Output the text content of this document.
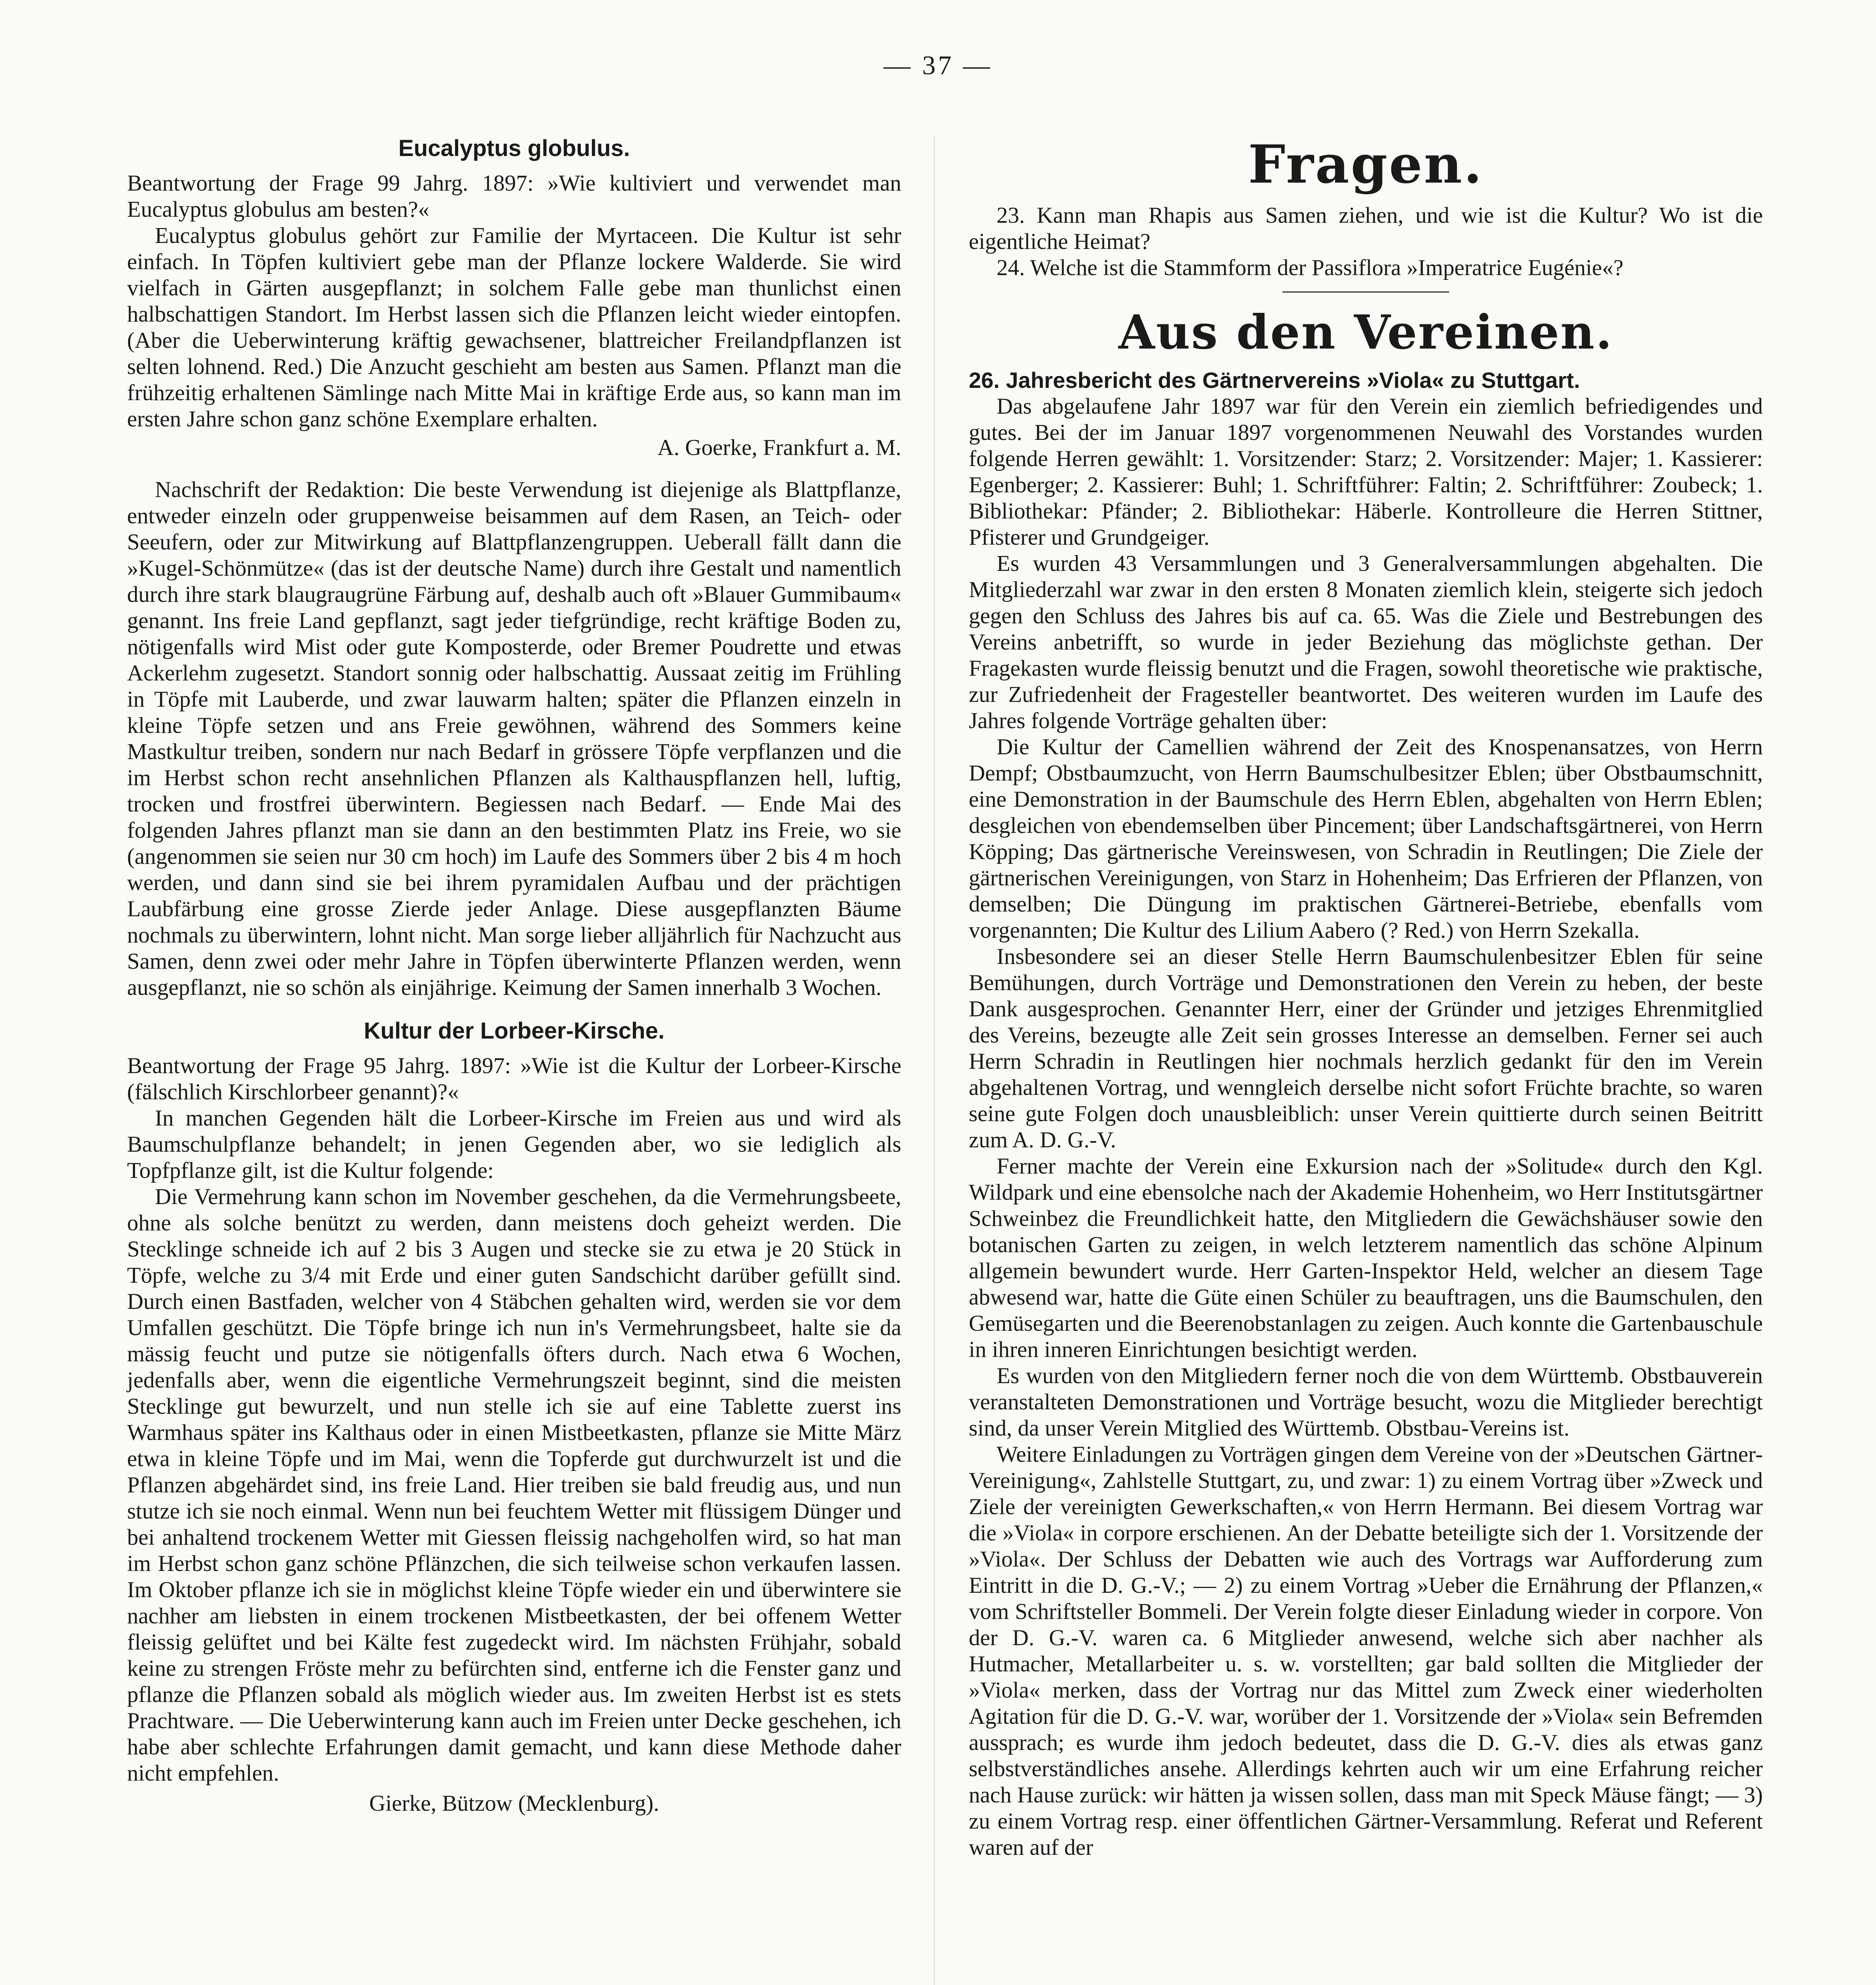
— 37 —
Eucalyptus globulus.

Beantwortung der Frage 99 Jahrg. 1897: »Wie kultiviert und verwendet man Eucalyptus globulus am besten?«

Eucalyptus globulus gehört zur Familie der Myrtaceen. Die Kultur ist sehr einfach. In Töpfen kultiviert gebe man der Pflanze lockere Walderde. Sie wird vielfach in Gärten ausgepflanzt; in solchem Falle gebe man thunlichst einen halbschattigen Standort. Im Herbst lassen sich die Pflanzen leicht wieder eintopfen. (Aber die Ueberwinterung kräftig gewachsener, blattreicher Freilandpflanzen ist selten lohnend. Red.) Die Anzucht geschieht am besten aus Samen. Pflanzt man die frühzeitig erhaltenen Sämlinge nach Mitte Mai in kräftige Erde aus, so kann man im ersten Jahre schon ganz schöne Exemplare erhalten.

A. Goerke, Frankfurt a. M.

Nachschrift der Redaktion: Die beste Verwendung ist diejenige als Blattpflanze, entweder einzeln oder gruppenweise beisammen auf dem Rasen, an Teich- oder Seeufern, oder zur Mitwirkung auf Blattpflanzengruppen. Ueberall fällt dann die »Kugel-Schönmütze« (das ist der deutsche Name) durch ihre Gestalt und namentlich durch ihre stark blaugraugrüne Färbung auf, deshalb auch oft »Blauer Gummibaum« genannt. Ins freie Land gepflanzt, sagt jeder tiefgründige, recht kräftige Boden zu, nötigenfalls wird Mist oder gute Komposterde, oder Bremer Poudrette und etwas Ackerlehm zugesetzt. Standort sonnig oder halbschattig. Aussaat zeitig im Frühling in Töpfe mit Lauberde, und zwar lauwarm halten; später die Pflanzen einzeln in kleine Töpfe setzen und ans Freie gewöhnen, während des Sommers keine Mastkultur treiben, sondern nur nach Bedarf in grössere Töpfe verpflanzen und die im Herbst schon recht ansehnlichen Pflanzen als Kalthauspflanzen hell, luftig, trocken und frostfrei überwintern. Begiessen nach Bedarf. — Ende Mai des folgenden Jahres pflanzt man sie dann an den bestimmten Platz ins Freie, wo sie (angenommen sie seien nur 30 cm hoch) im Laufe des Sommers über 2 bis 4 m hoch werden, und dann sind sie bei ihrem pyramidalen Aufbau und der prächtigen Laubfärbung eine grosse Zierde jeder Anlage. Diese ausgepflanzten Bäume nochmals zu überwintern, lohnt nicht. Man sorge lieber alljährlich für Nachzucht aus Samen, denn zwei oder mehr Jahre in Töpfen überwinterte Pflanzen werden, wenn ausgepflanzt, nie so schön als einjährige. Keimung der Samen innerhalb 3 Wochen.

Kultur der Lorbeer-Kirsche.

Beantwortung der Frage 95 Jahrg. 1897: »Wie ist die Kultur der Lorbeer-Kirsche (fälschlich Kirschlorbeer genannt)?«

In manchen Gegenden hält die Lorbeer-Kirsche im Freien aus und wird als Baumschulpflanze behandelt; in jenen Gegenden aber, wo sie lediglich als Topfpflanze gilt, ist die Kultur folgende:

Die Vermehrung kann schon im November geschehen, da die Vermehrungsbeete, ohne als solche benützt zu werden, dann meistens doch geheizt werden. Die Stecklinge schneide ich auf 2 bis 3 Augen und stecke sie zu etwa je 20 Stück in Töpfe, welche zu 3/4 mit Erde und einer guten Sandschicht darüber gefüllt sind. Durch einen Bastfaden, welcher von 4 Stäbchen gehalten wird, werden sie vor dem Umfallen geschützt. Die Töpfe bringe ich nun in's Vermehrungsbeet, halte sie da mässig feucht und putze sie nötigenfalls öfters durch. Nach etwa 6 Wochen, jedenfalls aber, wenn die eigentliche Vermehrungszeit beginnt, sind die meisten Stecklinge gut bewurzelt, und nun stelle ich sie auf eine Tablette zuerst ins Warmhaus später ins Kalthaus oder in einen Mistbeetkasten, pflanze sie Mitte März etwa in kleine Töpfe und im Mai, wenn die Topferde gut durchwurzelt ist und die Pflanzen abgehärdet sind, ins freie Land. Hier treiben sie bald freudig aus, und nun stutze ich sie noch einmal. Wenn nun bei feuchtem Wetter mit flüssigem Dünger und bei anhaltend trockenem Wetter mit Giessen fleissig nachgeholfen wird, so hat man im Herbst schon ganz schöne Pflänzchen, die sich teilweise schon verkaufen lassen. Im Oktober pflanze ich sie in möglichst kleine Töpfe wieder ein und überwintere sie nachher am liebsten in einem trockenen Mistbeetkasten, der bei offenem Wetter fleissig gelüftet und bei Kälte fest zugedeckt wird. Im nächsten Frühjahr, sobald keine zu strengen Fröste mehr zu befürchten sind, entferne ich die Fenster ganz und pflanze die Pflanzen sobald als möglich wieder aus. Im zweiten Herbst ist es stets Prachtware. — Die Ueberwinterung kann auch im Freien unter Decke geschehen, ich habe aber schlechte Erfahrungen damit gemacht, und kann diese Methode daher nicht empfehlen.

Gierke, Bützow (Mecklenburg).

Fragen.

23. Kann man Rhapis aus Samen ziehen, und wie ist die Kultur? Wo ist die eigentliche Heimat?

24. Welche ist die Stammform der Passiflora »Imperatrice Eugénie«?

Aus den Vereinen.

26. Jahresbericht des Gärtnervereins »Viola« zu Stuttgart.

Das abgelaufene Jahr 1897 war für den Verein ein ziemlich befriedigendes und gutes. Bei der im Januar 1897 vorgenommenen Neuwahl des Vorstandes wurden folgende Herren gewählt: 1. Vorsitzender: Starz; 2. Vorsitzender: Majer; 1. Kassierer: Egenberger; 2. Kassierer: Buhl; 1. Schriftführer: Faltin; 2. Schriftführer: Zoubeck; 1. Bibliothekar: Pfänder; 2. Bibliothekar: Häberle. Kontrolleure die Herren Stittner, Pfisterer und Grundgeiger.

Es wurden 43 Versammlungen und 3 Generalversammlungen abgehalten. Die Mitgliederzahl war zwar in den ersten 8 Monaten ziemlich klein, steigerte sich jedoch gegen den Schluss des Jahres bis auf ca. 65. Was die Ziele und Bestrebungen des Vereins anbetrifft, so wurde in jeder Beziehung das möglichste gethan. Der Fragekasten wurde fleissig benutzt und die Fragen, sowohl theoretische wie praktische, zur Zufriedenheit der Fragesteller beantwortet. Des weiteren wurden im Laufe des Jahres folgende Vorträge gehalten über:

Die Kultur der Camellien während der Zeit des Knospenansatzes, von Herrn Dempf; Obstbaumzucht, von Herrn Baumschulbesitzer Eblen; über Obstbaumschnitt, eine Demonstration in der Baumschule des Herrn Eblen, abgehalten von Herrn Eblen; desgleichen von ebendemselben über Pincement; über Landschaftsgärtnerei, von Herrn Köpping; Das gärtnerische Vereinswesen, von Schradin in Reutlingen; Die Ziele der gärtnerischen Vereinigungen, von Starz in Hohenheim; Das Erfrieren der Pflanzen, von demselben; Die Düngung im praktischen Gärtnerei-Betriebe, ebenfalls vom vorgenannten; Die Kultur des Lilium Aabero (? Red.) von Herrn Szekalla.

Insbesondere sei an dieser Stelle Herrn Baumschulenbesitzer Eblen für seine Bemühungen, durch Vorträge und Demonstrationen den Verein zu heben, der beste Dank ausgesprochen. Genannter Herr, einer der Gründer und jetziges Ehrenmitglied des Vereins, bezeugte alle Zeit sein grosses Interesse an demselben. Ferner sei auch Herrn Schradin in Reutlingen hier nochmals herzlich gedankt für den im Verein abgehaltenen Vortrag, und wenngleich derselbe nicht sofort Früchte brachte, so waren seine gute Folgen doch unausbleiblich: unser Verein quittierte durch seinen Beitritt zum A. D. G.-V.

Ferner machte der Verein eine Exkursion nach der »Solitude« durch den Kgl. Wildpark und eine ebensolche nach der Akademie Hohenheim, wo Herr Institutsgärtner Schweinbez die Freundlichkeit hatte, den Mitgliedern die Gewächshäuser sowie den botanischen Garten zu zeigen, in welch letzterem namentlich das schöne Alpinum allgemein bewundert wurde. Herr Garten-Inspektor Held, welcher an diesem Tage abwesend war, hatte die Güte einen Schüler zu beauftragen, uns die Baumschulen, den Gemüsegarten und die Beerenobstanlagen zu zeigen. Auch konnte die Gartenbauschule in ihren inneren Einrichtungen besichtigt werden.

Es wurden von den Mitgliedern ferner noch die von dem Württemb. Obstbauverein veranstalteten Demonstrationen und Vorträge besucht, wozu die Mitglieder berechtigt sind, da unser Verein Mitglied des Württemb. Obstbau-Vereins ist.

Weitere Einladungen zu Vorträgen gingen dem Vereine von der »Deutschen Gärtner-Vereinigung«, Zahlstelle Stuttgart, zu, und zwar: 1) zu einem Vortrag über »Zweck und Ziele der vereinigten Gewerkschaften,« von Herrn Hermann. Bei diesem Vortrag war die »Viola« in corpore erschienen. An der Debatte beteiligte sich der 1. Vorsitzende der »Viola«. Der Schluss der Debatten wie auch des Vortrags war Aufforderung zum Eintritt in die D. G.-V.; — 2) zu einem Vortrag »Ueber die Ernährung der Pflanzen,« vom Schriftsteller Bommeli. Der Verein folgte dieser Einladung wieder in corpore. Von der D. G.-V. waren ca. 6 Mitglieder anwesend, welche sich aber nachher als Hutmacher, Metallarbeiter u. s. w. vorstellten; gar bald sollten die Mitglieder der »Viola« merken, dass der Vortrag nur das Mittel zum Zweck einer wiederholten Agitation für die D. G.-V. war, worüber der 1. Vorsitzende der »Viola« sein Befremden aussprach; es wurde ihm jedoch bedeutet, dass die D. G.-V. dies als etwas ganz selbstverständliches ansehe. Allerdings kehrten auch wir um eine Erfahrung reicher nach Hause zurück: wir hätten ja wissen sollen, dass man mit Speck Mäuse fängt; — 3) zu einem Vortrag resp. einer öffentlichen Gärtner-Versammlung. Referat und Referent waren auf der
